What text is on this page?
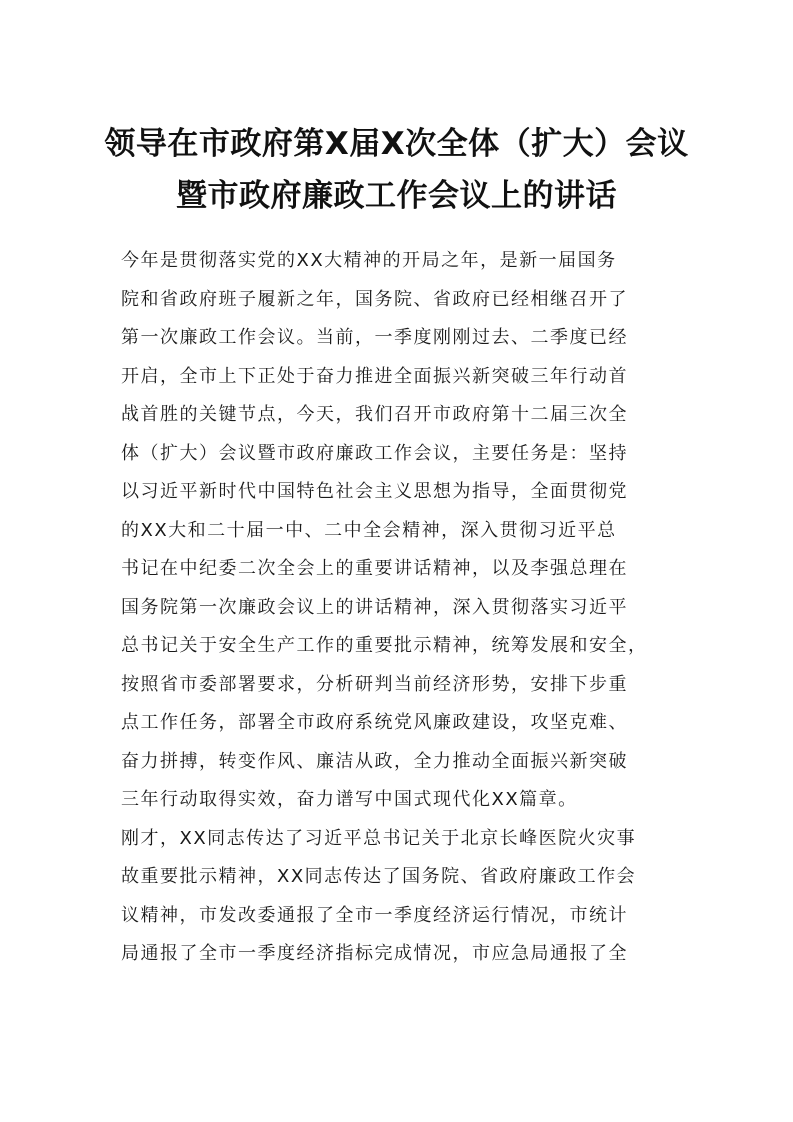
领导在市政府第X届X次全体（扩大）会议
暨市政府廉政工作会议上的讲话
今年是贯彻落实党的XX大精神的开局之年，是新一届国务
院和省政府班子履新之年，国务院、省政府已经相继召开了
第一次廉政工作会议。当前，一季度刚刚过去、二季度已经
开启，全市上下正处于奋力推进全面振兴新突破三年行动首
战首胜的关键节点，今天，我们召开市政府第十二届三次全
体（扩大）会议暨市政府廉政工作会议，主要任务是：坚持
以习近平新时代中国特色社会主义思想为指导，全面贯彻党
的XX大和二十届一中、二中全会精神，深入贯彻习近平总
书记在中纪委二次全会上的重要讲话精神，以及李强总理在
国务院第一次廉政会议上的讲话精神，深入贯彻落实习近平
总书记关于安全生产工作的重要批示精神，统筹发展和安全，
按照省市委部署要求，分析研判当前经济形势，安排下步重
点工作任务，部署全市政府系统党风廉政建设，攻坚克难、
奋力拼搏，转变作风、廉洁从政，全力推动全面振兴新突破
三年行动取得实效，奋力谱写中国式现代化XX篇章。
刚才，XX同志传达了习近平总书记关于北京长峰医院火灾事
故重要批示精神，XX同志传达了国务院、省政府廉政工作会
议精神，市发改委通报了全市一季度经济运行情况，市统计
局通报了全市一季度经济指标完成情况，市应急局通报了全
